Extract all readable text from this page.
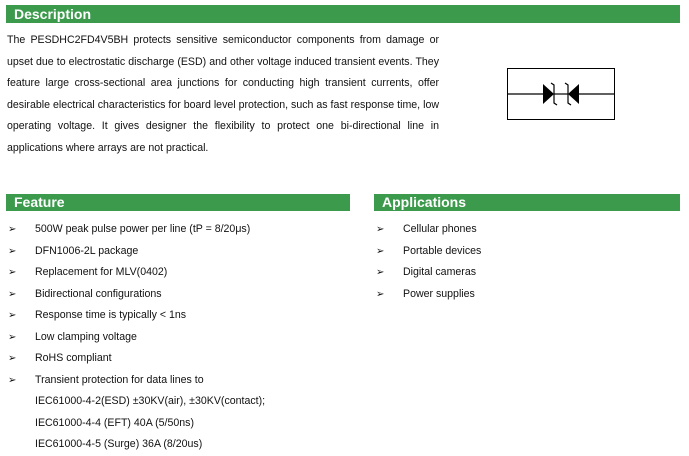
Description

The PESDHC2FD4V5BH protects sensitive semiconductor components from damage or upset due to electrostatic discharge (ESD) and other voltage induced transient events. They feature large cross-sectional area junctions for conducting high transient currents, offer desirable electrical characteristics for board level protection, such as fast response time, low operating voltage. It gives designer the flexibility to protect one bi-directional line in applications where arrays are not practical.

Feature
➢ 500W peak pulse power per line (tP = 8/20μs)
➢ DFN1006-2L package
➢ Replacement for MLV(0402)
➢ Bidirectional configurations
➢ Response time is typically < 1ns
➢ Low clamping voltage
➢ RoHS compliant
➢ Transient protection for data lines to
IEC61000-4-2(ESD) ±30KV(air), ±30KV(contact);
IEC61000-4-4 (EFT) 40A (5/50ns)
IEC61000-4-5 (Surge) 36A (8/20us)
Applications
➢ Cellular phones
➢ Portable devices
➢ Digital cameras
➢ Power supplies
